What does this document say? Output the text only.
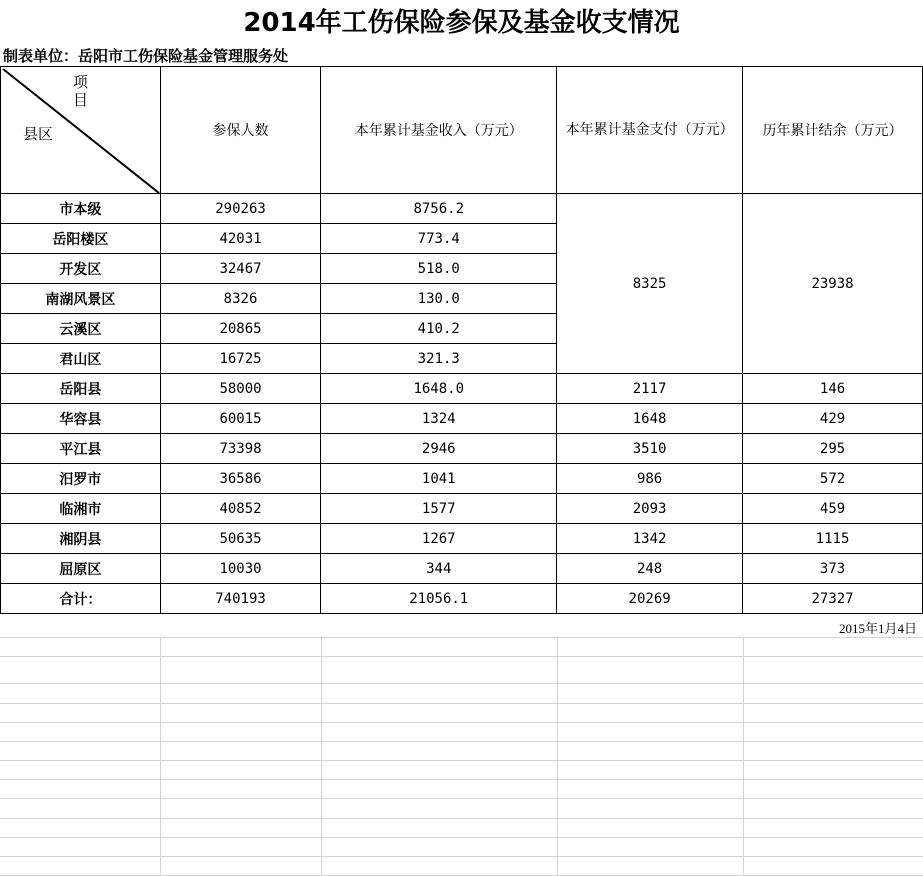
2014年工伤保险参保及基金收支情况
制表单位：岳阳市工伤保险基金管理服务处
项
目
县区	参保人数	本年累计基金收入（万元）	本年累计基金支付（万元）	历年累计结余（万元）
市本级	290263	8756.2	8325	23938
岳阳楼区	42031	773.4		
开发区	32467	518.0		
南湖风景区	8326	130.0		
云溪区	20865	410.2		
君山区	16725	321.3		
岳阳县	58000	1648.0	2117	146
华容县	60015	1324	1648	429
平江县	73398	2946	3510	295
汨罗市	36586	1041	986	572
临湘市	40852	1577	2093	459
湘阴县	50635	1267	1342	1115
屈原区	10030	344	248	373
合计：	740193	21056.1	20269	27327
2015年1月4日
